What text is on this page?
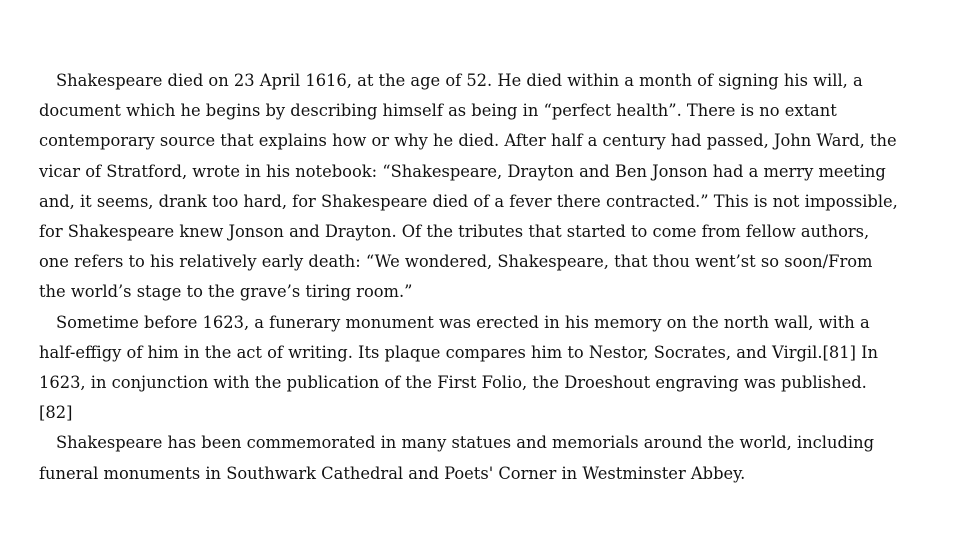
Shakespeare died on 23 April 1616, at the age of 52. He died within a month of signing his will, a document which he begins by describing himself as being in “perfect health”. There is no extant contemporary source that explains how or why he died. After half a century had passed, John Ward, the vicar of Stratford, wrote in his notebook: “Shakespeare, Drayton and Ben Jonson had a merry meeting and, it seems, drank too hard, for Shakespeare died of a fever there contracted.” This is not impossible, for Shakespeare knew Jonson and Drayton. Of the tributes that started to come from fellow authors, one refers to his relatively early death: “We wondered, Shakespeare, that thou went’st so soon/From the world’s stage to the grave’s tiring room.”

Sometime before 1623, a funerary monument was erected in his memory on the north wall, with a half-effigy of him in the act of writing. Its plaque compares him to Nestor, Socrates, and Virgil.[81] In 1623, in conjunction with the publication of the First Folio, the Droeshout engraving was published.[82]

Shakespeare has been commemorated in many statues and memorials around the world, including funeral monuments in Southwark Cathedral and Poets' Corner in Westminster Abbey.
